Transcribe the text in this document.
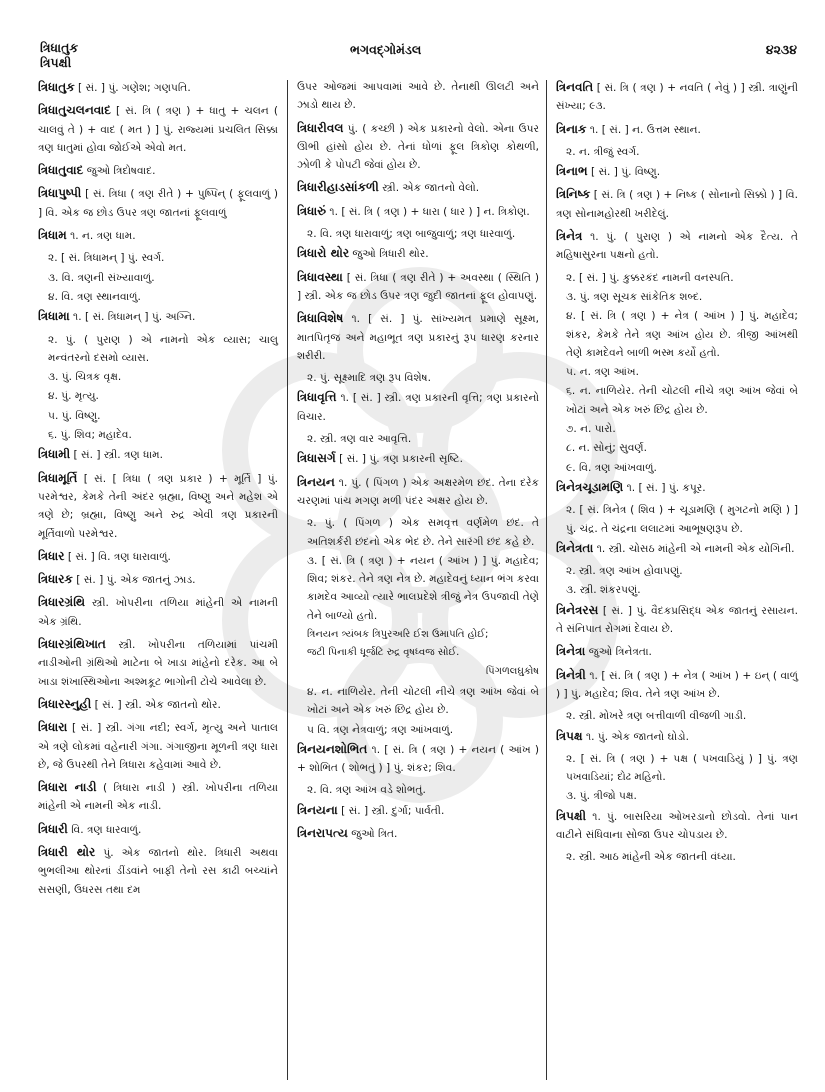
ત્રિધાતુક
ત્રિપક્ષી
ભગવદ્ગોમંડલ	૪૨૩૪
ત્રિધાતુક [ સં. ] પું. ગણેશ; ગણપતિ.
ત્રિધાતુચલનવાદ [ સં. ત્રિ ( ત્રણ ) + ધાતુ + ચલન ( ચાલવું તે ) + વાદ ( મત ) ] પું. રાજ્યમાં પ્રચલિત સિક્કા ત્રણ ધાતુમાં હોવા જોઈએ એવો મત.
ત્રિધાતુવાદ જુઓ ત્રિદોષવાદ.
ત્રિધાપુષ્પી [ સં. ત્રિધા ( ત્રણ રીતે ) + પુષ્પિન્ ( ફૂલવાળું ) ] વિ. એક જ છોડ ઉપર ત્રણ જાતનાં ફૂલવાળું
ત્રિધામ ૧. ન. ત્રણ ધામ.
૨. [ સં. ત્રિધામન્ ] પું. સ્વર્ગ.
૩. વિ. ત્રણની સંખ્યાવાળું.
૪. વિ. ત્રણ સ્થાનવાળું.
ત્રિધામા ૧. [ સં. ત્રિધામન્ ] પું. અગ્નિ.
૨. પું. ( પુરાણ ) એ નામનો એક વ્યાસ; ચાલુ મન્વંતરનો દસમો વ્યાસ.
૩. પું. ચિત્રક વૃક્ષ.
૪. પું. મૃત્યુ.
૫. પું. વિષ્ણુ.
૬. પું. શિવ; મહાદેવ.
ત્રિધામી [ સં. ] સ્ત્રી. ત્રણ ધામ.
ત્રિધામૂર્તિ [ સં. [ ત્રિધા ( ત્રણ પ્રકાર ) + મૂર્તિ ] પું. પરમેશ્વર, કેમકે તેની અંદર બ્રહ્મા, વિષ્ણુ અને મહેશ એ ત્રણે છે; બ્રહ્મા, વિષ્ણુ અને રુદ્ર એવી ત્રણ પ્રકારની મૂર્તિવાળો પરમેશ્વર.
ત્રિધાર [ સં. ] વિ. ત્રણ ધારાવાળું.
ત્રિધારક [ સં. ] પું. એક જાતનું ઝાડ.
ત્રિધારગ્રંથિ સ્ત્રી. ખોપરીના તળિયા માંહેની એ નામની એક ગ્રંથિ.
ત્રિધારગ્રંથિખાત સ્ત્રી. ખોપરીના તળિયામાં પાંચમી નાડીઓની ગ્રંથિઓ માટેના બે ખાડા માંહેનો દરેક. આ બે ખાડા શંખાસ્થિઓના અશ્મકૂટ ભાગોની ટોચે આવેલા છે.
ત્રિધારસ્નુહી [ સં. ] સ્ત્રી. એક જાતનો થોર.
ત્રિધારા [ સં. ] સ્ત્રી. ગંગા નદી; સ્વર્ગ, મૃત્યુ અને પાતાલ એ ત્રણે લોકમાં વહેનારી ગંગા. ગંગાજીના મૂળની ત્રણ ધારા છે, જે ઉપરથી તેને ત્રિધારા કહેવામાં આવે છે.
ત્રિધારા નાડી ( ત્રિધારા નાડી ) સ્ત્રી. ખોપરીના તળિયા માંહેની એ નામની એક નાડી.
ત્રિધારી વિ. ત્રણ ધારવાળું.
ત્રિધારી થોર પું. એક જાતનો થોર. ત્રિધારી અથવા ભુભલીઆ થોરનાં ડીંડવાંને બાફી તેનો રસ કાઢી બચ્ચાંને સસણી, ઉધરસ તથા દમ
ઉપર ઓજમાં આપવામાં આવે છે. તેનાથી ઊલટી અને ઝાડો થાય છે.
ત્રિધારીવલ પું. ( કચ્છી ) એક પ્રકારનો વેલો. એના ઉપર ઊભી હાંસો હોય છે. તેનાં ધોળાં ફૂલ ત્રિકોણ કોથળી, ઝોળી કે પોપટી જેવાં હોય છે.
ત્રિધારીહાડસાંકળી સ્ત્રી. એક જાતનો વેલો.
ત્રિધારું ૧. [ સં. ત્રિ ( ત્રણ ) + ધારા ( ધાર ) ] ન. ત્રિકોણ.
૨. વિ. ત્રણ ધારાવાળું; ત્રણ બાજુવાળું; ત્રણ ધારવાળું.
ત્રિધારો થોર જુઓ ત્રિધારી થોર.
ત્રિધાવસ્થા [ સં. ત્રિધા ( ત્રણ રીતે ) + અવસ્થા ( સ્થિતિ ) ] સ્ત્રી. એક જ છોડ ઉપર ત્રણ જુદી જાતનાં ફૂલ હોવાપણું.
ત્રિધાવિશેષ ૧. [ સં. ] પું. સાંખ્યમત પ્રમાણે સૂક્ષ્મ, માતપિતૃજ અને મહાભૂત ત્રણ પ્રકારનું રૂપ ધારણ કરનાર શરીરી.
૨. પું. સૂક્ષ્માદિ ત્રણ રૂપ વિશેષ.
ત્રિધાવૃત્તિ ૧. [ સં. ] સ્ત્રી. ત્રણ પ્રકારની વૃત્તિ; ત્રણ પ્રકારનો વિચાર.
૨. સ્ત્રી. ત્રણ વાર આવૃત્તિ.
ત્રિધાસર્ગ [ સં. ] પું. ત્રણ પ્રકારની સૃષ્ટિ.
ત્રિનયન ૧. પું. ( પિંગળ ) એક અક્ષરમેળ છંદ. તેના દરેક ચરણમાં પાંચ મગણ મળી પંદર અક્ષર હોય છે.
૨. પું. ( પિંગળ ) એક સમવૃત્ત વર્ણમેળ છંદ. તે અતિશર્કરી છંદનો એક ભેદ છે. તેને સારંગી છંદ કહે છે.
૩. [ સં. ત્રિ ( ત્રણ ) + નયન ( આંખ ) ] પું. મહાદેવ; શિવ; શંકર. તેને ત્રણ નેત્ર છે. મહાદેવનું ધ્યાન ભંગ કરવા કામદેવ આવ્યો ત્યારે ભાલપ્રદેશે ત્રીજું નેત્ર ઉપજાવી તેણે તેને બાળ્યો હતો.
ત્રિનયન ત્ર્યંબક ત્રિપુરઅરિ ઈશ ઉમાપતિ હોઈ;
જટી પિનાકી ધૂર્જટિ રુદ્ર વૃષધ્વજ સોઈ.
પિંગળલઘુકોષ
૪. ન. નાળિયેર. તેની ચોટલી નીચે ત્રણ આંખ જેવાં બે ખોટાં અને એક ખરું છિદ્ર હોય છે.
૫ વિ. ત્રણ નેત્રવાળું; ત્રણ આંખવાળું.
ત્રિનયનશોભિત ૧. [ સં. ત્રિ ( ત્રણ ) + નયન ( આંખ ) + શોભિત ( શોભતું ) ] પું. શંકર; શિવ.
૨. વિ. ત્રણ આંખ વડે શોભતું.
ત્રિનયના [ સં. ] સ્ત્રી. દુર્ગા; પાર્વતી.
ત્રિનરાપત્ય જુઓ ત્રિત.
ત્રિનવતિ [ સં. ત્રિ ( ત્રણ ) + નવતિ ( નેવું ) ] સ્ત્રી. ત્રાણુંની સંખ્યા; ૯૩.
ત્રિનાક ૧. [ સં. ] ન. ઉત્તમ સ્થાન.
૨. ન. ત્રીજું સ્વર્ગ.
ત્રિનાભ [ સં. ] પું. વિષ્ણુ.
ત્રિનિષ્ક [ સં. ત્રિ ( ત્રણ ) + નિષ્ક ( સોનાનો સિક્કો ) ] વિ. ત્રણ સોનામહોરથી ખરીદેલું.
ત્રિનેત્ર ૧. પું. ( પુરાણ ) એ નામનો એક દૈત્ય. તે મહિષાસુરના પક્ષનો હતો.
૨. [ સં. ] પું. કુક્કરકંદ નામની વનસ્પતિ.
૩. પું. ત્રણ સૂચક સાંકેતિક શબ્દ.
૪. [ સં. ત્રિ ( ત્રણ ) + નેત્ર ( આંખ ) ] પું. મહાદેવ; શંકર, કેમકે તેને ત્રણ આંખ હોય છે. ત્રીજી આંખથી તેણે કામદેવને બાળી ભસ્મ કર્યો હતો.
૫. ન. ત્રણ આંખ.
૬. ન. નાળિયેર. તેની ચોટલી નીચે ત્રણ આંખ જેવાં બે ખોટાં અને એક ખરું છિદ્ર હોય છે.
૭. ન. પારો.
૮. ન. સોનું; સુવર્ણ.
૯. વિ. ત્રણ આંખવાળું.
ત્રિનેત્રચૂડામણિ ૧. [ સં. ] પું. કપૂર.
૨. [ સં. ત્રિનેત્ર ( શિવ ) + ચૂડામણિ ( મુગટનો મણિ ) ] પું. ચંદ્ર. તે ચંદ્રના લલાટમાં આભૂષણરૂપ છે.
ત્રિનેત્રતા ૧. સ્ત્રી. ચોસઠ માંહેની એ નામની એક યોગિની.
૨. સ્ત્રી. ત્રણ આંખ હોવાપણું.
૩. સ્ત્રી. શંકરપણું.
ત્રિનેત્રરસ [ સં. ] પું. વૈદકપ્રસિદ્ધ એક જાતનું રસાયન. તે સંનિપાત રોગમાં દેવાય છે.
ત્રિનેત્રા જુઓ ત્રિનેત્રતા.
ત્રિનેત્રી ૧. [ સં. ત્રિ ( ત્રણ ) + નેત્ર ( આંખ ) + ઇન્ ( વાળું ) ] પું. મહાદેવ; શિવ. તેને ત્રણ આંખ છે.
૨. સ્ત્રી. મોખરે ત્રણ બત્તીવાળી વીજળી ગાડી.
ત્રિપક્ષ ૧. પું. એક જાતનો ઘોડો.
૨. [ સં. ત્રિ ( ત્રણ ) + પક્ષ ( પખવાડિયું ) ] પું. ત્રણ પખવાડિયાં; દોઢ મહિનો.
૩. પું. ત્રીજો પક્ષ.
ત્રિપક્ષી ૧. પું. બાસરિયા ઓખરડાનો છોડવો. તેનાં પાન વાટીને સંધિવાના સોજા ઉપર ચોપડાય છે.
૨. સ્ત્રી. આઠ માંહેની એક જાતની વંધ્યા.
